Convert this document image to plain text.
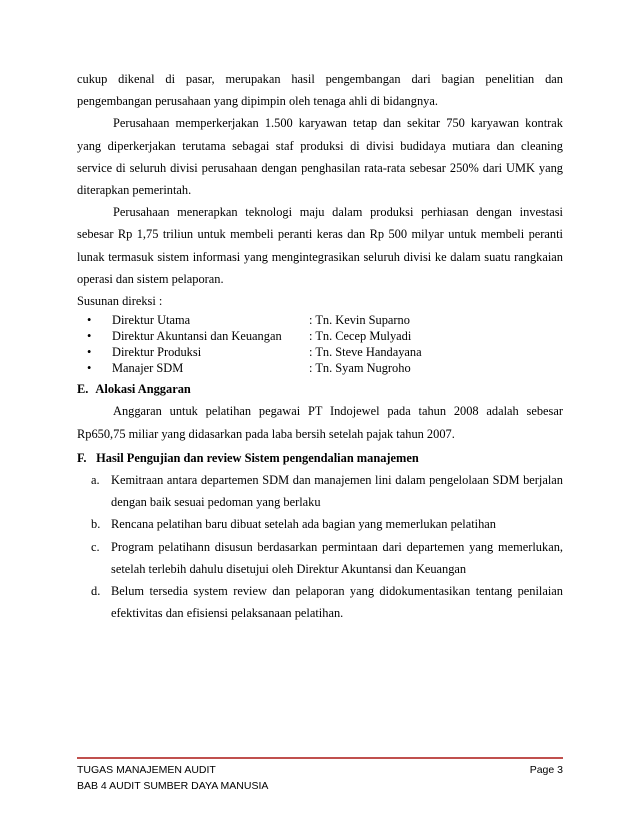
cukup dikenal di pasar, merupakan hasil pengembangan dari bagian penelitian dan

pengembangan perusahaan yang dipimpin oleh tenaga ahli di bidangnya.

Perusahaan memperkerjakan 1.500 karyawan tetap dan sekitar 750 karyawan kontrak yang diperkerjakan terutama sebagai staf produksi di divisi budidaya mutiara dan cleaning service di seluruh divisi perusahaan dengan penghasilan rata-rata sebesar 250% dari UMK yang diterapkan pemerintah.

Perusahaan menerapkan teknologi maju dalam produksi perhiasan dengan investasi sebesar Rp 1,75 triliun untuk membeli peranti keras dan Rp 500 milyar untuk membeli peranti lunak termasuk sistem informasi yang mengintegrasikan seluruh divisi ke dalam suatu rangkaian operasi dan sistem pelaporan.

Susunan direksi :

•	Direktur Utama	: Tn. Kevin Suparno
•	Direktur Akuntansi dan Keuangan	: Tn. Cecep Mulyadi
•	Direktur Produksi	: Tn. Steve Handayana
•	Manajer SDM	: Tn. Syam Nugroho

E. Alokasi Anggaran

Anggaran untuk pelatihan pegawai PT Indojewel pada tahun 2008 adalah sebesar Rp650,75 miliar yang didasarkan pada laba bersih setelah pajak tahun 2007.

F. Hasil Pengujian dan review Sistem pengendalian manajemen

a. Kemitraan antara departemen SDM dan manajemen lini dalam pengelolaan SDM berjalan dengan baik sesuai pedoman yang berlaku
b. Rencana pelatihan baru dibuat setelah ada bagian yang memerlukan pelatihan
c. Program pelatihann disusun berdasarkan permintaan dari departemen yang memerlukan, setelah terlebih dahulu disetujui oleh Direktur Akuntansi dan Keuangan
d. Belum tersedia system review dan pelaporan yang didokumentasikan tentang penilaian efektivitas dan efisiensi pelaksanaan pelatihan.
TUGAS MANAJEMEN AUDIT	Page 3
BAB 4 AUDIT SUMBER DAYA MANUSIA
